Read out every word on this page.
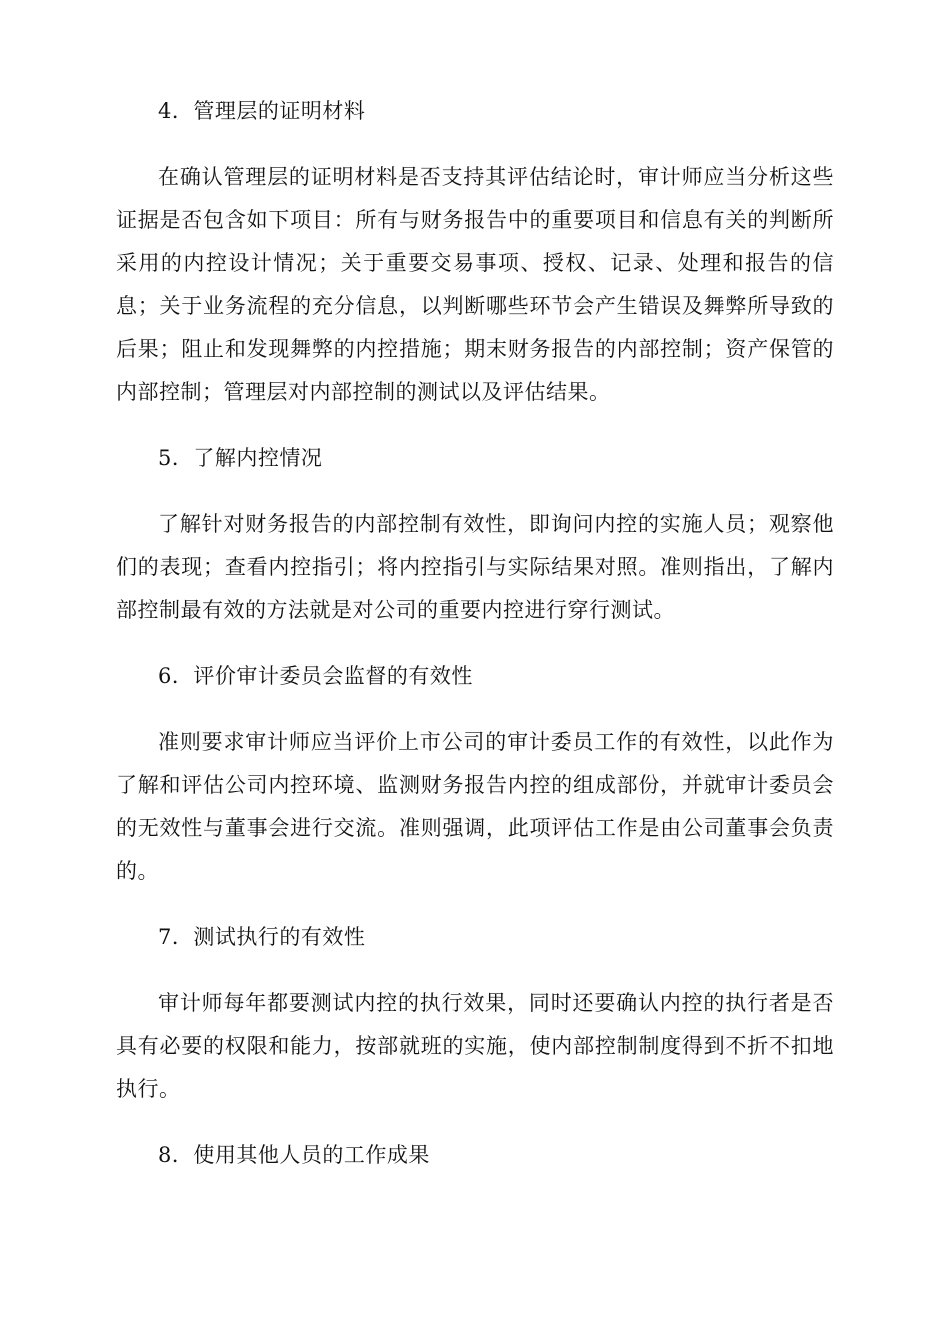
4．管理层的证明材料

在确认管理层的证明材料是否支持其评估结论时，审计师应当分析这些证据是否包含如下项目：所有与财务报告中的重要项目和信息有关的判断所采用的内控设计情况；关于重要交易事项、授权、记录、处理和报告的信息；关于业务流程的充分信息，以判断哪些环节会产生错误及舞弊所导致的后果；阻止和发现舞弊的内控措施；期末财务报告的内部控制；资产保管的内部控制；管理层对内部控制的测试以及评估结果。

5．了解内控情况

了解针对财务报告的内部控制有效性，即询问内控的实施人员；观察他们的表现；查看内控指引；将内控指引与实际结果对照。准则指出，了解内部控制最有效的方法就是对公司的重要内控进行穿行测试。

6．评价审计委员会监督的有效性

准则要求审计师应当评价上市公司的审计委员工作的有效性，以此作为了解和评估公司内控环境、监测财务报告内控的组成部份，并就审计委员会的无效性与董事会进行交流。准则强调，此项评估工作是由公司董事会负责的。

7．测试执行的有效性

审计师每年都要测试内控的执行效果，同时还要确认内控的执行者是否具有必要的权限和能力，按部就班的实施，使内部控制制度得到不折不扣地执行。

8．使用其他人员的工作成果
